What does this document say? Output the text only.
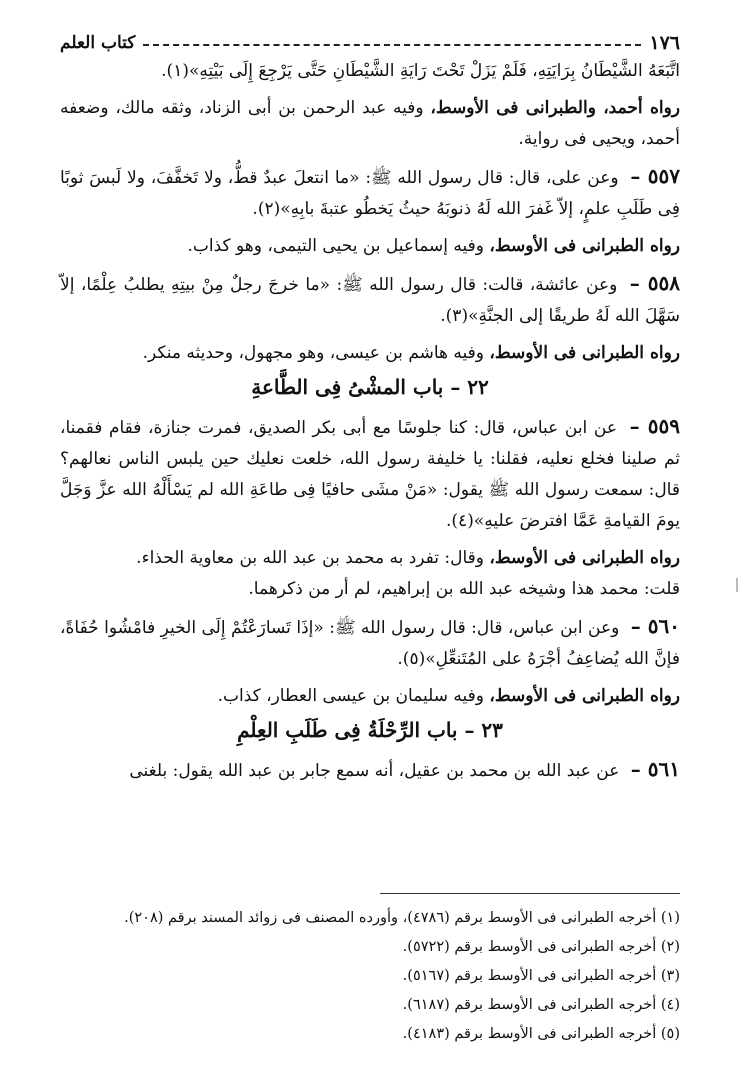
١٧٦
كتاب العلم

اتَّبَعَهُ الشَّيْطَانُ بِرَايَتِهِ، فَلَمْ يَزَلْ تَحْتَ رَايَةِ الشَّيْطَانِ حَتَّى يَرْجِعَ إِلَى بَيْتِهِ»(١).

رواه أحمد، والطبرانى فى الأوسط، وفيه عبد الرحمن بن أبى الزناد، وثقه مالك، وضعفه أحمد، ويحيى فى رواية.

٥٥٧ – وعن على، قال: قال رسول الله ﷺ: «ما انتعلَ عبدٌ قطُّ، ولا تَخفَّفَ، ولا لَبسَ ثوبًا فِى طَلَبِ علمٍ، إلاّ غَفرَ الله لَهُ ذنوبَهُ حيثُ يَخطُو عتبةَ بابِهِ»(٢).

رواه الطبرانى فى الأوسط، وفيه إسماعيل بن يحيى التيمى، وهو كذاب.

٥٥٨ – وعن عائشة، قالت: قال رسول الله ﷺ: «ما خرجَ رجلٌ مِنْ بيتِهِ يطلبُ عِلْمًا، إلاّ سَهَّلَ الله لَهُ طريقًا إلى الجنَّةِ»(٣).

رواه الطبرانى فى الأوسط، وفيه هاشم بن عيسى، وهو مجهول، وحديثه منكر.

٢٢ – باب المشْىُ فِى الطَّاعةِ

٥٥٩ – عن ابن عباس، قال: كنا جلوسًا مع أبى بكر الصديق، فمرت جنازة، فقام فقمنا، ثم صلينا فخلع نعليه، فقلنا: يا خليفة رسول الله، خلعت نعليك حين يلبس الناس نعالهم؟ قال: سمعت رسول الله ﷺ يقول: «مَنْ مشَى حافيًا فِى طاعَةِ الله لم يَسْأَلْهُ الله عزَّ وَجَلَّ يومَ القيامةِ عَمَّا افترضَ عليهِ»(٤).

رواه الطبرانى فى الأوسط، وقال: تفرد به محمد بن عبد الله بن معاوية الحذاء.

قلت: محمد هذا وشيخه عبد الله بن إبراهيم، لم أر من ذكرهما.

٥٦٠ – وعن ابن عباس، قال: قال رسول الله ﷺ: «إذَا تَسارَعْتُمْ إِلَى الخيرِ فامْشُوا حُفَاةً، فإنَّ الله يُضاعِفُ أجْرَهُ على المُتَنعِّلِ»(٥).

رواه الطبرانى فى الأوسط، وفيه سليمان بن عيسى العطار، كذاب.

٢٣ – باب الرِّحْلَةُ فِى طَلَبِ العِلْمِ

٥٦١ – عن عبد الله بن محمد بن عقيل، أنه سمع جابر بن عبد الله يقول: بلغنى

(١) أخرجه الطبرانى فى الأوسط برقم (٤٧٨٦)، وأورده المصنف فى زوائد المسند برقم (٢٠٨).
(٢) أخرجه الطبرانى فى الأوسط برقم (٥٧٢٢).
(٣) أخرجه الطبرانى فى الأوسط برقم (٥١٦٧).
(٤) أخرجه الطبرانى فى الأوسط برقم (٦١٨٧).
(٥) أخرجه الطبرانى فى الأوسط برقم (٤١٨٣).
